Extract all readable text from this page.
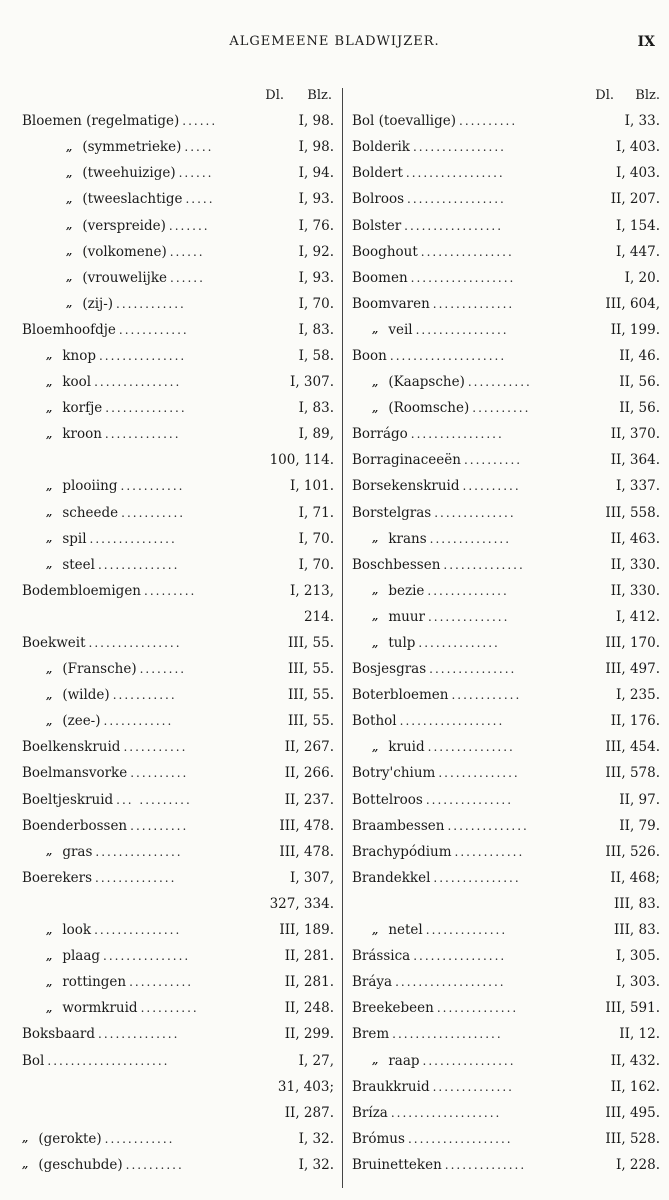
ALGEMEENE BLADWIJZER.	IX
Dl.	Blz.
Bloemen (regelmatige) ......	I, 98.
„ (symmetrieke) .....	I, 98.
„ (tweehuizige) ......	I, 94.
„ (tweeslachtige .....	I, 93.
„ (verspreide) .......	I, 76.
„ (volkomene) ......	I, 92.
„ (vrouwelijke ......	I, 93.
„ (zij-) ............	I, 70.
Bloemhoofdje ............	I, 83.
„ knop ...............	I, 58.
„ kool ...............	I, 307.
„ korfje ..............	I, 83.
„ kroon .............	I, 89,
100, 114.
„ plooiing ...........	I, 101.
„ scheede ...........	I, 71.
„ spil ...............	I, 70.
„ steel ..............	I, 70.
Bodembloemigen .........	I, 213,
214.
Boekweit ................	III, 55.
„ (Fransche) ........	III, 55.
„ (wilde) ...........	III, 55.
„ (zee-) ............	III, 55.
Boelkenskruid ...........	II, 267.
Boelmansvorke ..........	II, 266.
Boeltjeskruid ... .........	II, 237.
Boenderbossen ..........	III, 478.
„ gras ...............	III, 478.
Boerekers ..............	I, 307,
327, 334.
„ look ...............	III, 189.
„ plaag ...............	II, 281.
„ rottingen ...........	II, 281.
„ wormkruid ..........	II, 248.
Boksbaard ..............	II, 299.
Bol .....................	I, 27,
31, 403;
II, 287.
„ (gerokte) ............	I, 32.
„ (geschubde) ..........	I, 32.
Dl.	Blz.
Bol (toevallige) ..........	I, 33.
Bolderik ................	I, 403.
Boldert .................	I, 403.
Bolroos .................	II, 207.
Bolster .................	I, 154.
Booghout ................	I, 447.
Boomen ..................	I, 20.
Boomvaren ..............	III, 604,
„ veil ................	II, 199.
Boon ....................	II, 46.
„ (Kaapsche) ...........	II, 56.
„ (Roomsche) ..........	II, 56.
Borrágo ................	II, 370.
Borraginaceeën ..........	II, 364.
Borsekenskruid ..........	I, 337.
Borstelgras ..............	III, 558.
„ krans ..............	II, 463.
Boschbessen ..............	II, 330.
„ bezie ..............	II, 330.
„ muur ..............	I, 412.
„ tulp ..............	III, 170.
Bosjesgras ...............	III, 497.
Boterbloemen ............	I, 235.
Bothol ..................	II, 176.
„ kruid ...............	III, 454.
Botry'chium ..............	III, 578.
Bottelroos ...............	II, 97.
Braambessen ..............	II, 79.
Brachypódium ............	III, 526.
Brandekkel ...............	II, 468;
III, 83.
„ netel ..............	III, 83.
Brássica ................	I, 305.
Bráya ...................	I, 303.
Breekebeen ..............	III, 591.
Brem ...................	II, 12.
„ raap ................	II, 432.
Braukkruid ..............	II, 162.
Bríza ...................	III, 495.
Brómus ..................	III, 528.
Bruinetteken ..............	I, 228.
